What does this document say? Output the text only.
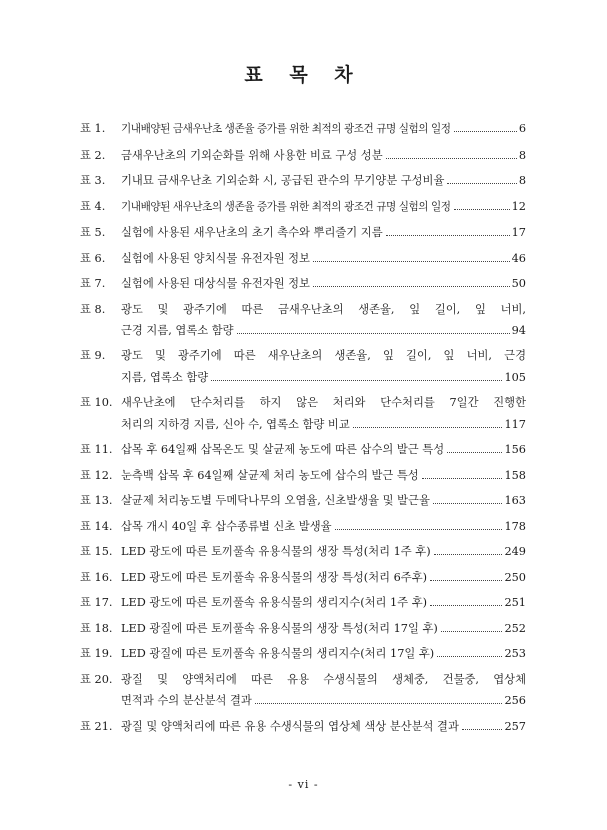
표 목 차
표 1. 기내배양된 금새우난초 생존율 증가를 위한 최적의 광조건 규명 실험의 일정	6
표 2. 금새우난초의 기외순화를 위해 사용한 비료 구성 성분	8
표 3. 기내묘 금새우난초 기외순화 시, 공급된 관수의 무기양분 구성비율	8
표 4. 기내배양된 새우난초의 생존율 증가를 위한 최적의 광조건 규명 실험의 일정	12
표 5. 실험에 사용된 새우난초의 초기 촉수와 뿌리줄기 지름	17
표 6. 실험에 사용된 양치식물 유전자원 정보	46
표 7. 실험에 사용된 대상식물 유전자원 정보	50
표 8. 광도 및 광주기에 따른 금새우난초의 생존율, 잎 길이, 잎 너비,
근경 지름, 엽록소 함량	94
표 9. 광도 및 광주기에 따른 새우난초의 생존율, 잎 길이, 잎 너비, 근경
지름, 엽록소 함량	105
표 10. 새우난초에 단수처리를 하지 않은 처리와 단수처리를 7일간 진행한
처리의 지하경 지름, 신아 수, 엽록소 함량 비교	117
표 11. 삽목 후 64일째 삽목온도 및 살균제 농도에 따른 삽수의 발근 특성	156
표 12. 눈측백 삽목 후 64일째 살균제 처리 농도에 삽수의 발근 특성	158
표 13. 살균제 처리농도별 두메닥나무의 오염율, 신초발생율 및 발근율	163
표 14. 삽목 개시 40일 후 삽수종류별 신초 발생율	178
표 15. LED 광도에 따른 토끼풀속 유용식물의 생장 특성(처리 1주 후)	249
표 16. LED 광도에 따른 토끼풀속 유용식물의 생장 특성(처리 6주후)	250
표 17. LED 광도에 따른 토끼풀속 유용식물의 생리지수(처리 1주 후)	251
표 18. LED 광질에 따른 토끼풀속 유용식물의 생장 특성(처리 17일 후)	252
표 19. LED 광질에 따른 토끼풀속 유용식물의 생리지수(처리 17일 후)	253
표 20. 광질 및 양액처리에 따른 유용 수생식물의 생체중, 건물중, 엽상체
면적과 수의 분산분석 결과	256
표 21. 광질 및 양액처리에 따른 유용 수생식물의 엽상체 색상 분산분석 결과	257
- vi -
